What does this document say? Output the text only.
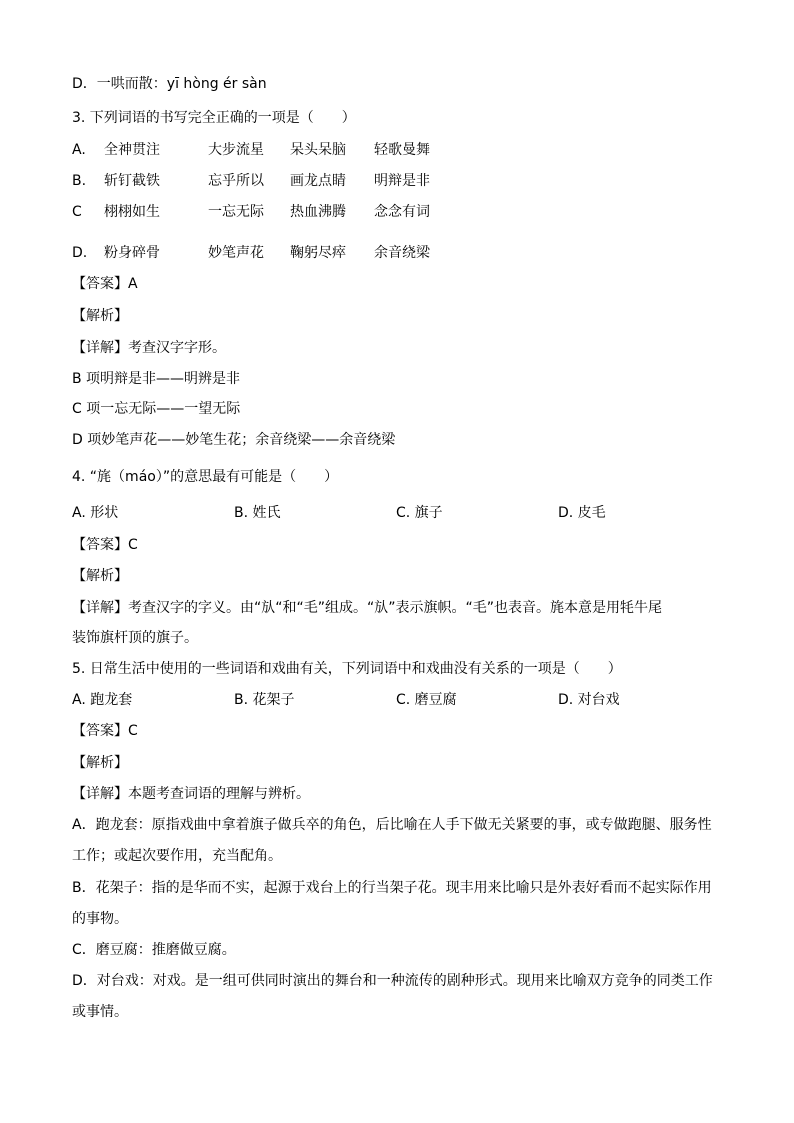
D．一哄而散：yī hòng ér sàn
3. 下列词语的书写完全正确的一项是（　　）
A.	全神贯注	大步流星	呆头呆脑	轻歌曼舞
B.	斩钉截铁	忘乎所以	画龙点睛	明辩是非
C	栩栩如生	一忘无际	热血沸腾	念念有词
D.	粉身碎骨	妙笔声花	鞠躬尽瘁	余音绕梁
【答案】A
【解析】
【详解】考查汉字字形。
B 项明辩是非——明辨是非
C 项一忘无际——一望无际
D 项妙笔声花——妙笔生花；余音绕梁——余音绕梁
4. “旄（máo）”的意思最有可能是（　　）
A. 形状	B. 姓氏	C. 旗子	D. 皮毛
【答案】C
【解析】
【详解】考查汉字的字义。由“㫃“和“毛”组成。“㫃”表示旗帜。“毛”也表音。旄本意是用牦牛尾
装饰旗杆顶的旗子。
5. 日常生活中使用的一些词语和戏曲有关，下列词语中和戏曲没有关系的一项是（　　）
A. 跑龙套	B. 花架子	C. 磨豆腐	D. 对台戏
【答案】C
【解析】
【详解】本题考查词语的理解与辨析。
A．跑龙套：原指戏曲中拿着旗子做兵卒的角色，后比喻在人手下做无关紧要的事，或专做跑腿、服务性
工作；或起次要作用，充当配角。
B．花架子：指的是华而不实，起源于戏台上的行当架子花。现丰用来比喻只是外表好看而不起实际作用
的事物。
C．磨豆腐：推磨做豆腐。
D．对台戏：对戏。是一组可供同时演出的舞台和一种流传的剧种形式。现用来比喻双方竞争的同类工作
或事情。
